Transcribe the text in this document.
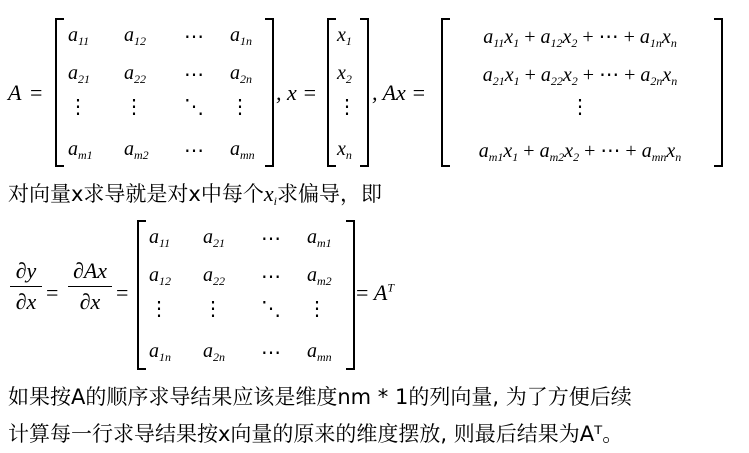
A =
$a_{11}$ $a_{12}$ ⋯ $a_{1n}$
$a_{21}$ $a_{22}$ ⋯ $a_{2n}$
⋮ ⋮ ⋱ ⋮
$a_{m1}$ $a_{m2}$ ⋯ $a_{mn}$
, x =
$x_1$
$x_2$
⋮
$x_n$
, Ax =
$a_{11}x_1 + a_{12}x_2$ + ⋯ + $a_{1n}x_n$
$a_{21}x_1 + a_{22}x_2$ + ⋯ + $a_{2n}x_n$
⋮
$a_{m1}x_1 + a_{m2}x_2$ + ⋯ + $a_{mn}x_n$
对向量x求导就是对x中每个$x_i$求偏导，即
∂y
∂x =
∂Ax
∂x =
$a_{11}$ $a_{21}$ ⋯ $a_{m1}$
$a_{12}$ $a_{22}$ ⋯ $a_{m2}$
⋮ ⋮ ⋱ ⋮
$a_{1n}$ $a_{2n}$ ⋯ $a_{mn}$
= $A^T$
如果按A的顺序求导结果应该是维度nm * 1的列向量, 为了方便后续
计算每一行求导结果按x向量的原来的维度摆放, 则最后结果为Aᵀ。
